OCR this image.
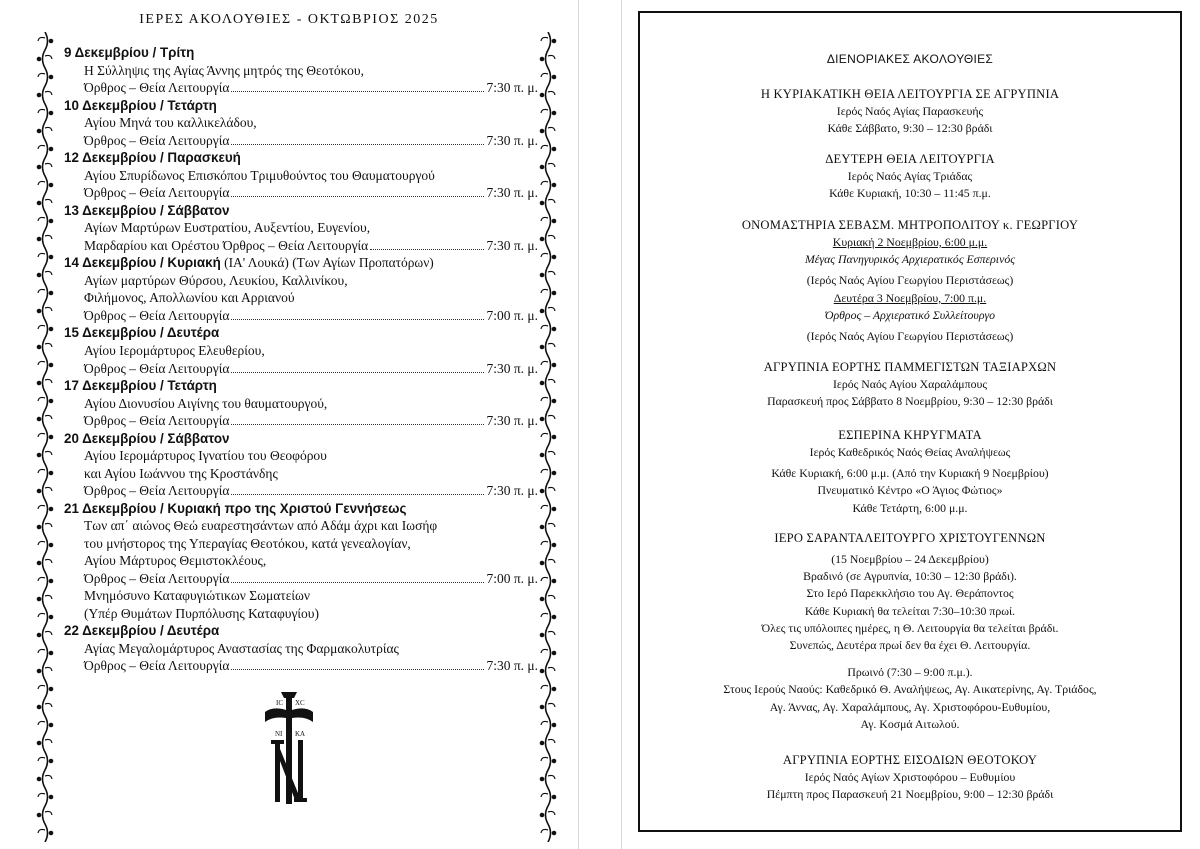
ΙΕΡΕΣ ΑΚΟΛΟΥΘΙΕΣ - ΟΚΤΩΒΡΙΟΣ 2025
9 Δεκεμβρίου / Τρίτη
Η Σύλληψις της Αγίας Άννης μητρός της Θεοτόκου,
Όρθρος – Θεία Λειτουργία	7:30 π. μ.
10 Δεκεμβρίου / Τετάρτη
Αγίου Μηνά του καλλικελάδου,
Όρθρος – Θεία Λειτουργία	7:30 π. μ.
12 Δεκεμβρίου / Παρασκευή
Αγίου Σπυρίδωνος Επισκόπου Τριμυθούντος του Θαυματουργού
Όρθρος – Θεία Λειτουργία	7:30 π. μ.
13 Δεκεμβρίου / Σάββατον
Αγίων Μαρτύρων Ευστρατίου, Αυξεντίου, Ευγενίου,
Μαρδαρίου και Ορέστου Όρθρος – Θεία Λειτουργία	7:30 π. μ.
14 Δεκεμβρίου / Κυριακή (ΙΑ' Λουκά) (Των Αγίων Προπατόρων)
Αγίων μαρτύρων Θύρσου, Λευκίου, Καλλινίκου,
Φιλήμονος, Απολλωνίου και Αρριανού
Όρθρος – Θεία Λειτουργία	7:00 π. μ.
15 Δεκεμβρίου / Δευτέρα
Αγίου Ιερομάρτυρος Ελευθερίου,
Όρθρος – Θεία Λειτουργία	7:30 π. μ.
17 Δεκεμβρίου / Τετάρτη
Αγίου Διονυσίου Αιγίνης του θαυματουργού,
Όρθρος – Θεία Λειτουργία	7:30 π. μ.
20 Δεκεμβρίου / Σάββατον
Αγίου Ιερομάρτυρος Ιγνατίου του Θεοφόρου
και Αγίου Ιωάννου της Κροστάνδης
Όρθρος – Θεία Λειτουργία	7:30 π. μ.
21 Δεκεμβρίου / Κυριακή προ της Χριστού Γεννήσεως
Των απ΄ αιώνος Θεώ ευαρεστησάντων από Αδάμ άχρι και Ιωσήφ
του μνήστορος της Υπεραγίας Θεοτόκου, κατά γενεαλογίαν,
Αγίου Μάρτυρος Θεμιστοκλέους,
Όρθρος – Θεία Λειτουργία	7:00 π. μ.
Μνημόσυνο Καταφυγιώτικων Σωματείων
(Υπέρ Θυμάτων Πυρπόλυσης Καταφυγίου)
22 Δεκεμβρίου / Δευτέρα
Αγίας Μεγαλομάρτυρος Αναστασίας της Φαρμακολυτρίας
Όρθρος – Θεία Λειτουργία	7:30 π. μ.
IC XC
NI KA
ΔΙΕΝΟΡΙΑΚΕΣ ΑΚΟΛΟΥΘΙΕΣ
Η ΚΥΡΙΑΚΑΤΙΚΗ ΘΕΙΑ ΛΕΙΤΟΥΡΓΙΑ ΣΕ ΑΓΡΥΠΝΙΑ
Ιερός Ναός Αγίας Παρασκευής
Κάθε Σάββατο, 9:30 – 12:30 βράδι
ΔΕΥΤΕΡΗ ΘΕΙΑ ΛΕΙΤΟΥΡΓΙΑ
Ιερός Ναός Αγίας Τριάδας
Κάθε Κυριακή, 10:30 – 11:45 π.μ.
ΟΝΟΜΑΣΤΗΡΙΑ ΣΕΒΑΣΜ. ΜΗΤΡΟΠΟΛΙΤΟΥ κ. ΓΕΩΡΓΙΟΥ
Κυριακή 2 Νοεμβρίου, 6:00 μ.μ.
Μέγας Πανηγυρικός Αρχιερατικός Εσπερινός
(Ιερός Ναός Αγίου Γεωργίου Περιστάσεως)
Δευτέρα 3 Νοεμβρίου, 7:00 π.μ.
Όρθρος – Αρχιερατικό Συλλείτουργο
(Ιερός Ναός Αγίου Γεωργίου Περιστάσεως)
ΑΓΡΥΠΝΙΑ ΕΟΡΤΗΣ ΠΑΜΜΕΓΙΣΤΩΝ ΤΑΞΙΑΡΧΩΝ
Ιερός Ναός Αγίου Χαραλάμπους
Παρασκευή προς Σάββατο 8 Νοεμβρίου, 9:30 – 12:30 βράδι
ΕΣΠΕΡΙΝΑ ΚΗΡΥΓΜΑΤΑ
Ιερός Καθεδρικός Ναός Θείας Αναλήψεως
Κάθε Κυριακή, 6:00 μ.μ. (Από την Κυριακή 9 Νοεμβρίου)
Πνευματικό Κέντρο «Ο Άγιος Φώτιος»
Κάθε Τετάρτη, 6:00 μ.μ.
ΙΕΡΟ ΣΑΡΑΝΤΑΛΕΙΤΟΥΡΓΟ ΧΡΙΣΤΟΥΓΕΝΝΩΝ
(15 Νοεμβρίου – 24 Δεκεμβρίου)
Βραδινό (σε Αγρυπνία, 10:30 – 12:30 βράδι).
Στο Ιερό Παρεκκλήσιο του Αγ. Θεράποντος
Κάθε Κυριακή θα τελείται 7:30–10:30 πρωί.
Όλες τις υπόλοιπες ημέρες, η Θ. Λειτουργία θα τελείται βράδι.
Συνεπώς, Δευτέρα πρωί δεν θα έχει Θ. Λειτουργία.
Πρωινό (7:30 – 9:00 π.μ.).
Στους Ιερούς Ναούς: Καθεδρικό Θ. Αναλήψεως, Αγ. Αικατερίνης, Αγ. Τριάδος,
Αγ. Άννας, Αγ. Χαραλάμπους, Αγ. Χριστοφόρου-Ευθυμίου,
Αγ. Κοσμά Αιτωλού.
ΑΓΡΥΠΝΙΑ ΕΟΡΤΗΣ ΕΙΣΟΔΙΩΝ ΘΕΟΤΟΚΟΥ
Ιερός Ναός Αγίων Χριστοφόρου – Ευθυμίου
Πέμπτη προς Παρασκευή 21 Νοεμβρίου, 9:00 – 12:30 βράδι
